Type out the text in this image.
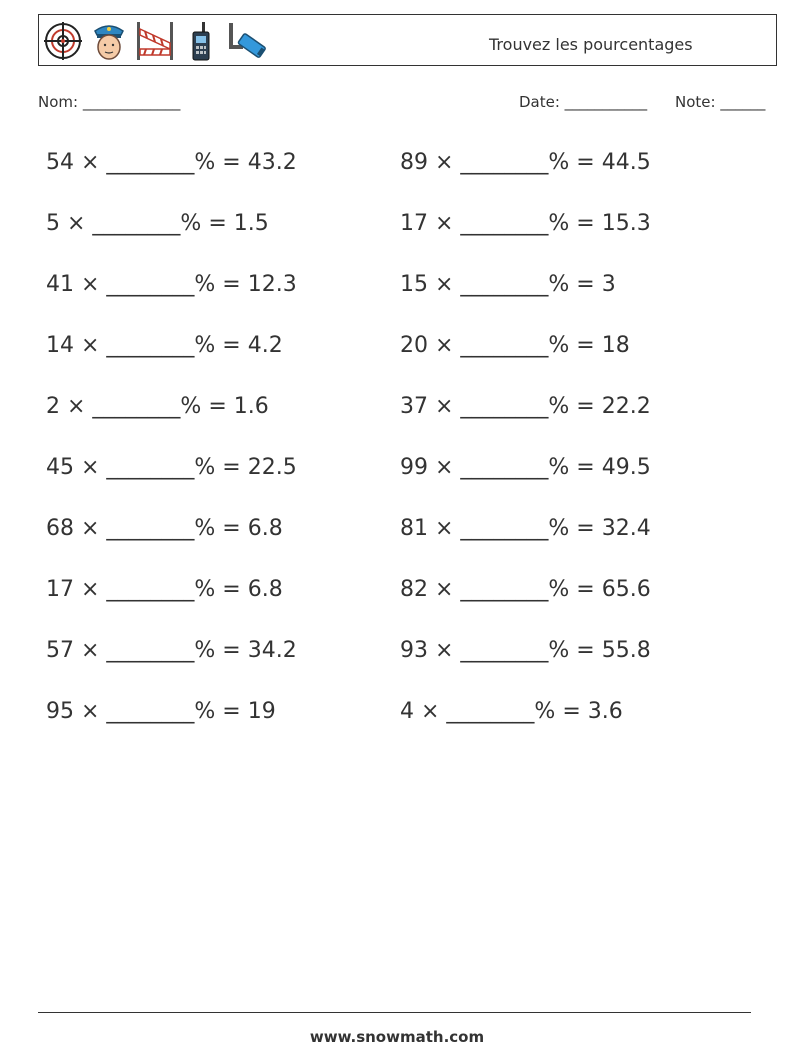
Trouvez les pourcentages
Nom: _____________	Date: ___________ Note: ______
54 × ________% = 43.2	89 × ________% = 44.5
5 × ________% = 1.5	17 × ________% = 15.3
41 × ________% = 12.3	15 × ________% = 3
14 × ________% = 4.2	20 × ________% = 18
2 × ________% = 1.6	37 × ________% = 22.2
45 × ________% = 22.5	99 × ________% = 49.5
68 × ________% = 6.8	81 × ________% = 32.4
17 × ________% = 6.8	82 × ________% = 65.6
57 × ________% = 34.2	93 × ________% = 55.8
95 × ________% = 19	4 × ________% = 3.6
www.snowmath.com
